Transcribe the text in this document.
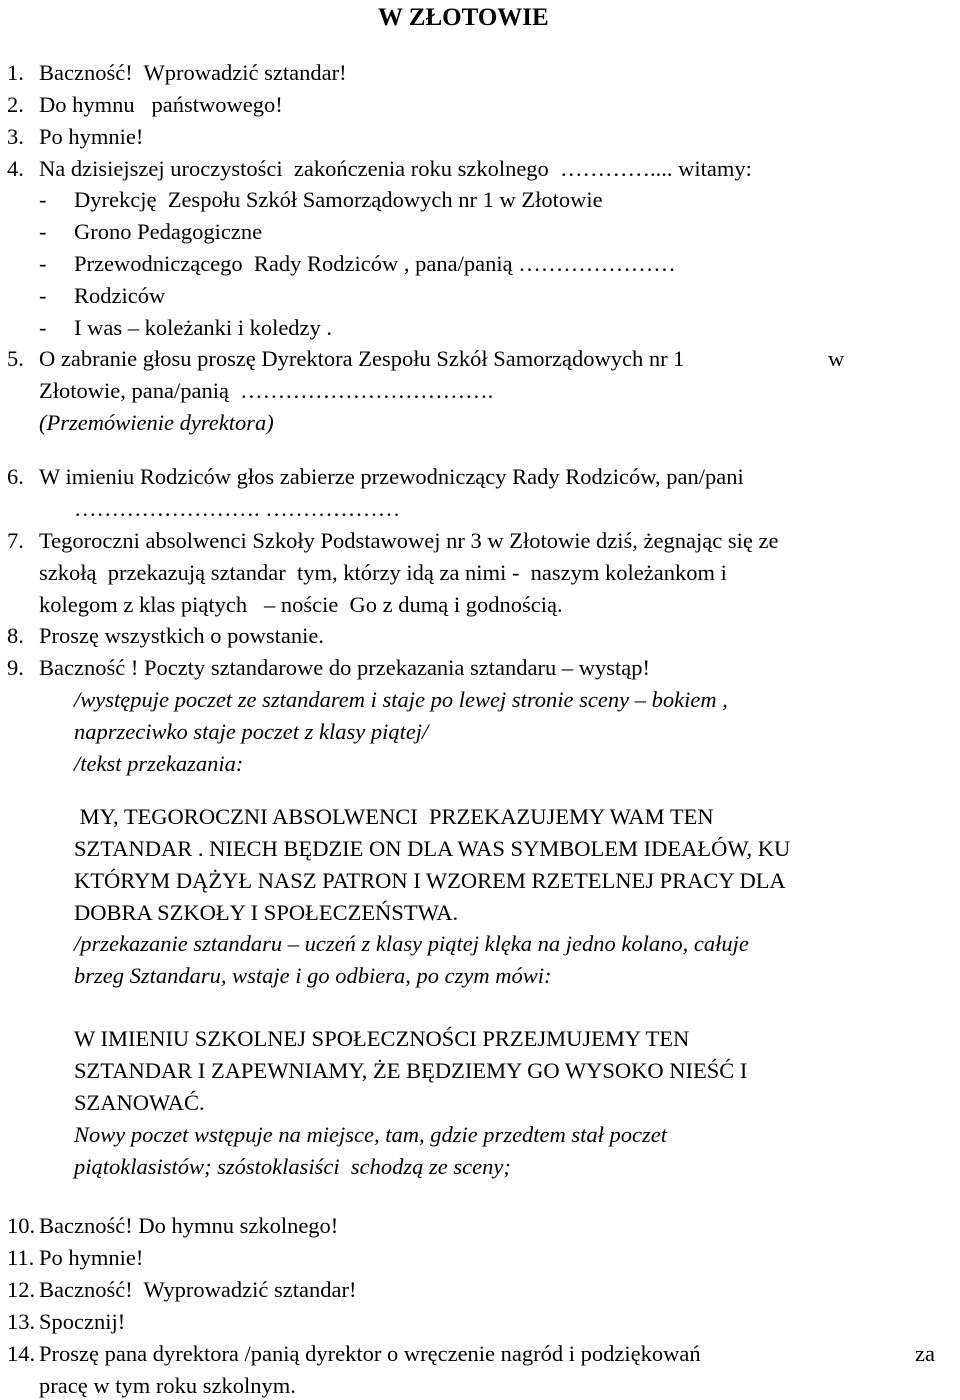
W ZŁOTOWIE
1. Baczność!  Wprowadzić sztandar!
2. Do hymnu   państwowego!
3. Po hymnie!
4. Na dzisiejszej uroczystości  zakończenia roku szkolnego  ………….... witamy:
- Dyrekcję  Zespołu Szkół Samorządowych nr 1 w Złotowie
- Grono Pedagogiczne
- Przewodniczącego  Rady Rodziców , pana/panią …………………
- Rodziców
- I was – koleżanki i koledzy .
5. O zabranie głosu proszę Dyrektora Zespołu Szkół Samorządowych nr 1	w
Złotowie, pana/panią  …………………………….
(Przemówienie dyrektora)
6. W imieniu Rodziców głos zabierze przewodniczący Rady Rodziców, pan/pani
……………………. ………………
7. Tegoroczni absolwenci Szkoły Podstawowej nr 3 w Złotowie dziś, żegnając się ze
szkołą  przekazują sztandar  tym, którzy idą za nimi -  naszym koleżankom i
kolegom z klas piątych   – noście  Go z dumą i godnością.
8. Proszę wszystkich o powstanie.
9. Baczność ! Poczty sztandarowe do przekazania sztandaru – wystąp!
/występuje poczet ze sztandarem i staje po lewej stronie sceny – bokiem ,
naprzeciwko staje poczet z klasy piątej/
/tekst przekazania:
MY, TEGOROCZNI ABSOLWENCI  PRZEKAZUJEMY WAM TEN
SZTANDAR . NIECH BĘDZIE ON DLA WAS SYMBOLEM IDEAŁÓW, KU
KTÓRYM DĄŻYŁ NASZ PATRON I WZOREM RZETELNEJ PRACY DLA
DOBRA SZKOŁY I SPOŁECZEŃSTWA.
/przekazanie sztandaru – uczeń z klasy piątej klęka na jedno kolano, całuje
brzeg Sztandaru, wstaje i go odbiera, po czym mówi:
W IMIENIU SZKOLNEJ SPOŁECZNOŚCI PRZEJMUJEMY TEN
SZTANDAR I ZAPEWNIAMY, ŻE BĘDZIEMY GO WYSOKO NIEŚĆ I
SZANOWAĆ.
Nowy poczet wstępuje na miejsce, tam, gdzie przedtem stał poczet
piątoklasistów; szóstoklasiści  schodzą ze sceny;
10. Baczność! Do hymnu szkolnego!
11. Po hymnie!
12. Baczność!  Wyprowadzić sztandar!
13. Spocznij!
14. Proszę pana dyrektora /panią dyrektor o wręczenie nagród i podziękowań	za
pracę w tym roku szkolnym.
